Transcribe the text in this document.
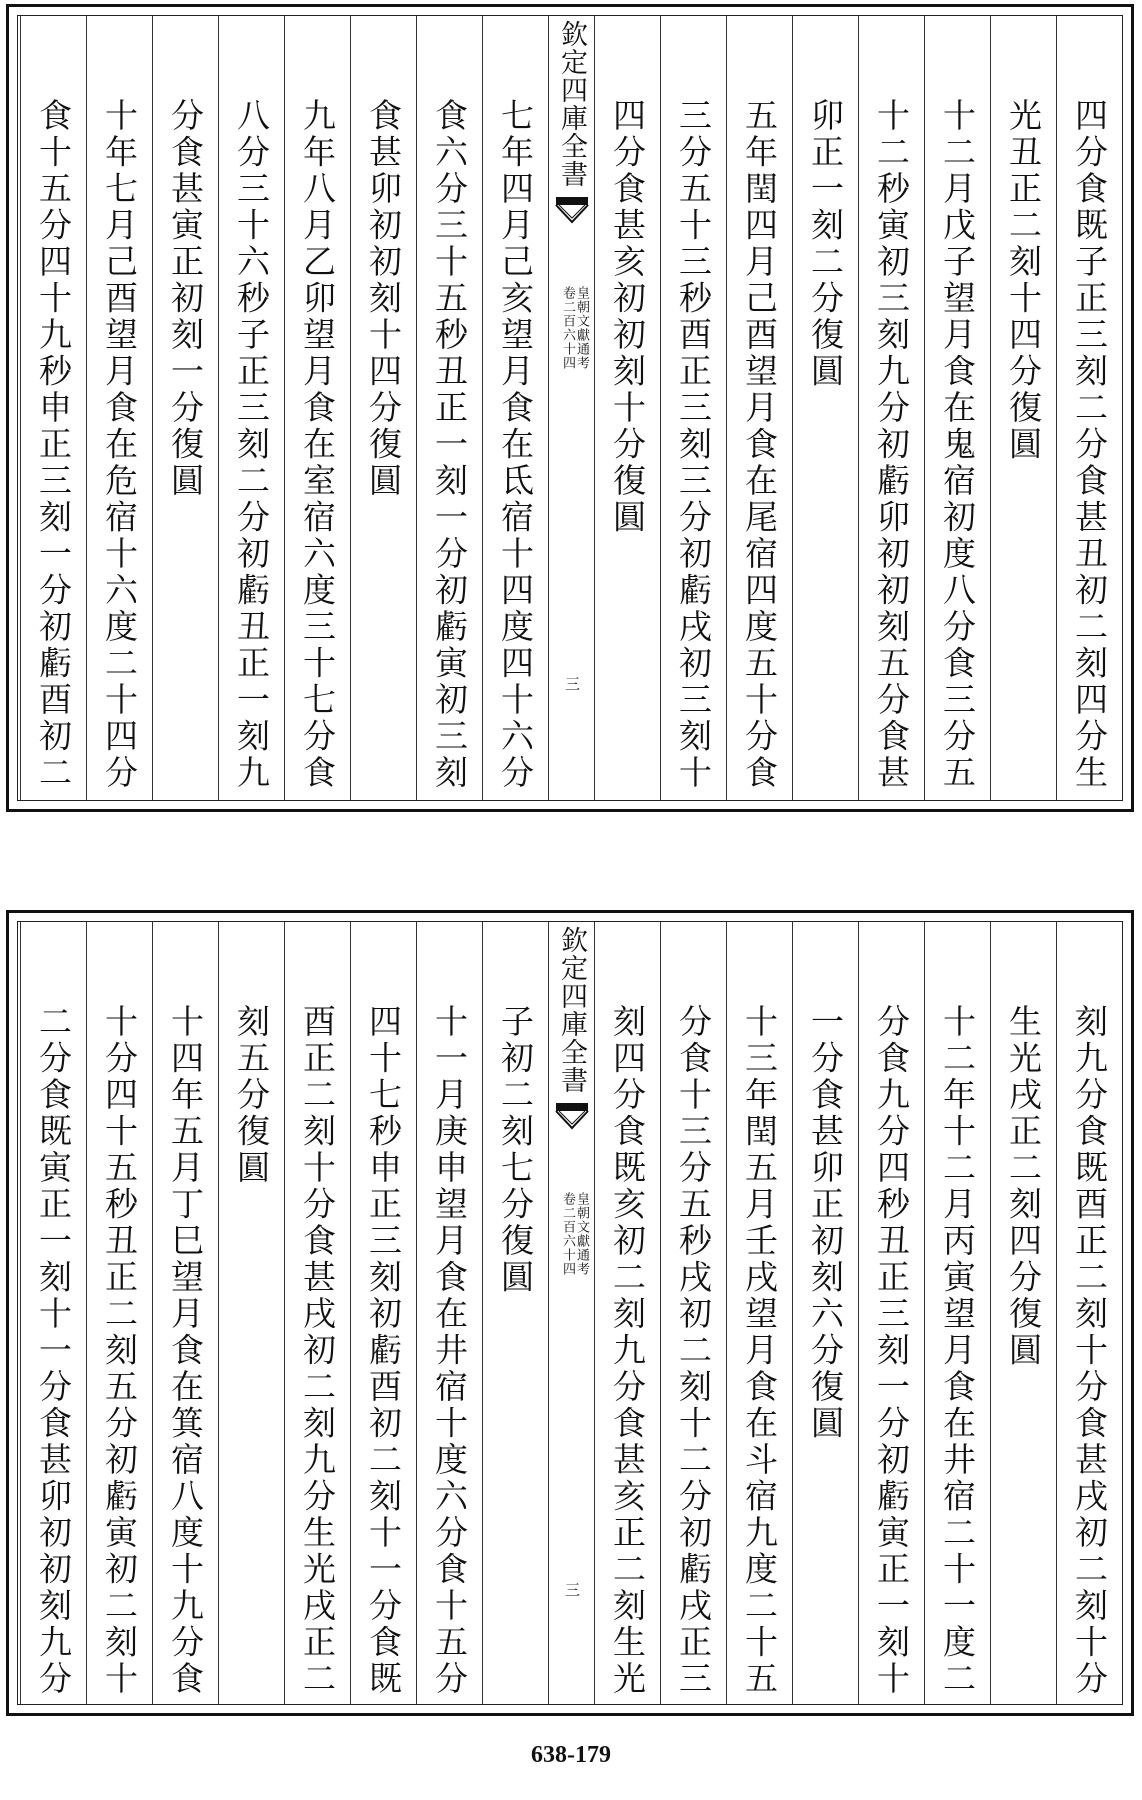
四分食既子正三刻二分食甚丑初二刻四分生
光丑正二刻十四分復圓
十二月戊子望月食在鬼宿初度八分食三分五
十二秒寅初三刻九分初虧卯初初刻五分食甚
卯正一刻二分復圓
五年閏四月己酉望月食在尾宿四度五十分食
三分五十三秒酉正三刻三分初虧戌初三刻十
四分食甚亥初初刻十分復圓
欽定四庫全書
皇朝文獻通考
卷二百六十四
三
七年四月己亥望月食在氐宿十四度四十六分
食六分三十五秒丑正一刻一分初虧寅初三刻
食甚卯初初刻十四分復圓
九年八月乙卯望月食在室宿六度三十七分食
八分三十六秒子正三刻二分初虧丑正一刻九
分食甚寅正初刻一分復圓
十年七月己酉望月食在危宿十六度二十四分
食十五分四十九秒申正三刻一分初虧酉初二
刻九分食既酉正二刻十分食甚戌初二刻十分
生光戌正二刻四分復圓
十二年十二月丙寅望月食在井宿二十一度二
分食九分四秒丑正三刻一分初虧寅正一刻十
一分食甚卯正初刻六分復圓
十三年閏五月壬戌望月食在斗宿九度二十五
分食十三分五秒戌初二刻十二分初虧戌正三
刻四分食既亥初二刻九分食甚亥正二刻生光
欽定四庫全書
皇朝文獻通考
卷二百六十四
三
子初二刻七分復圓
十一月庚申望月食在井宿十度六分食十五分
四十七秒申正三刻初虧酉初二刻十一分食既
酉正二刻十分食甚戌初二刻九分生光戌正二
刻五分復圓
十四年五月丁巳望月食在箕宿八度十九分食
十分四十五秒丑正二刻五分初虧寅初二刻十
二分食既寅正一刻十一分食甚卯初初刻九分
638-179
